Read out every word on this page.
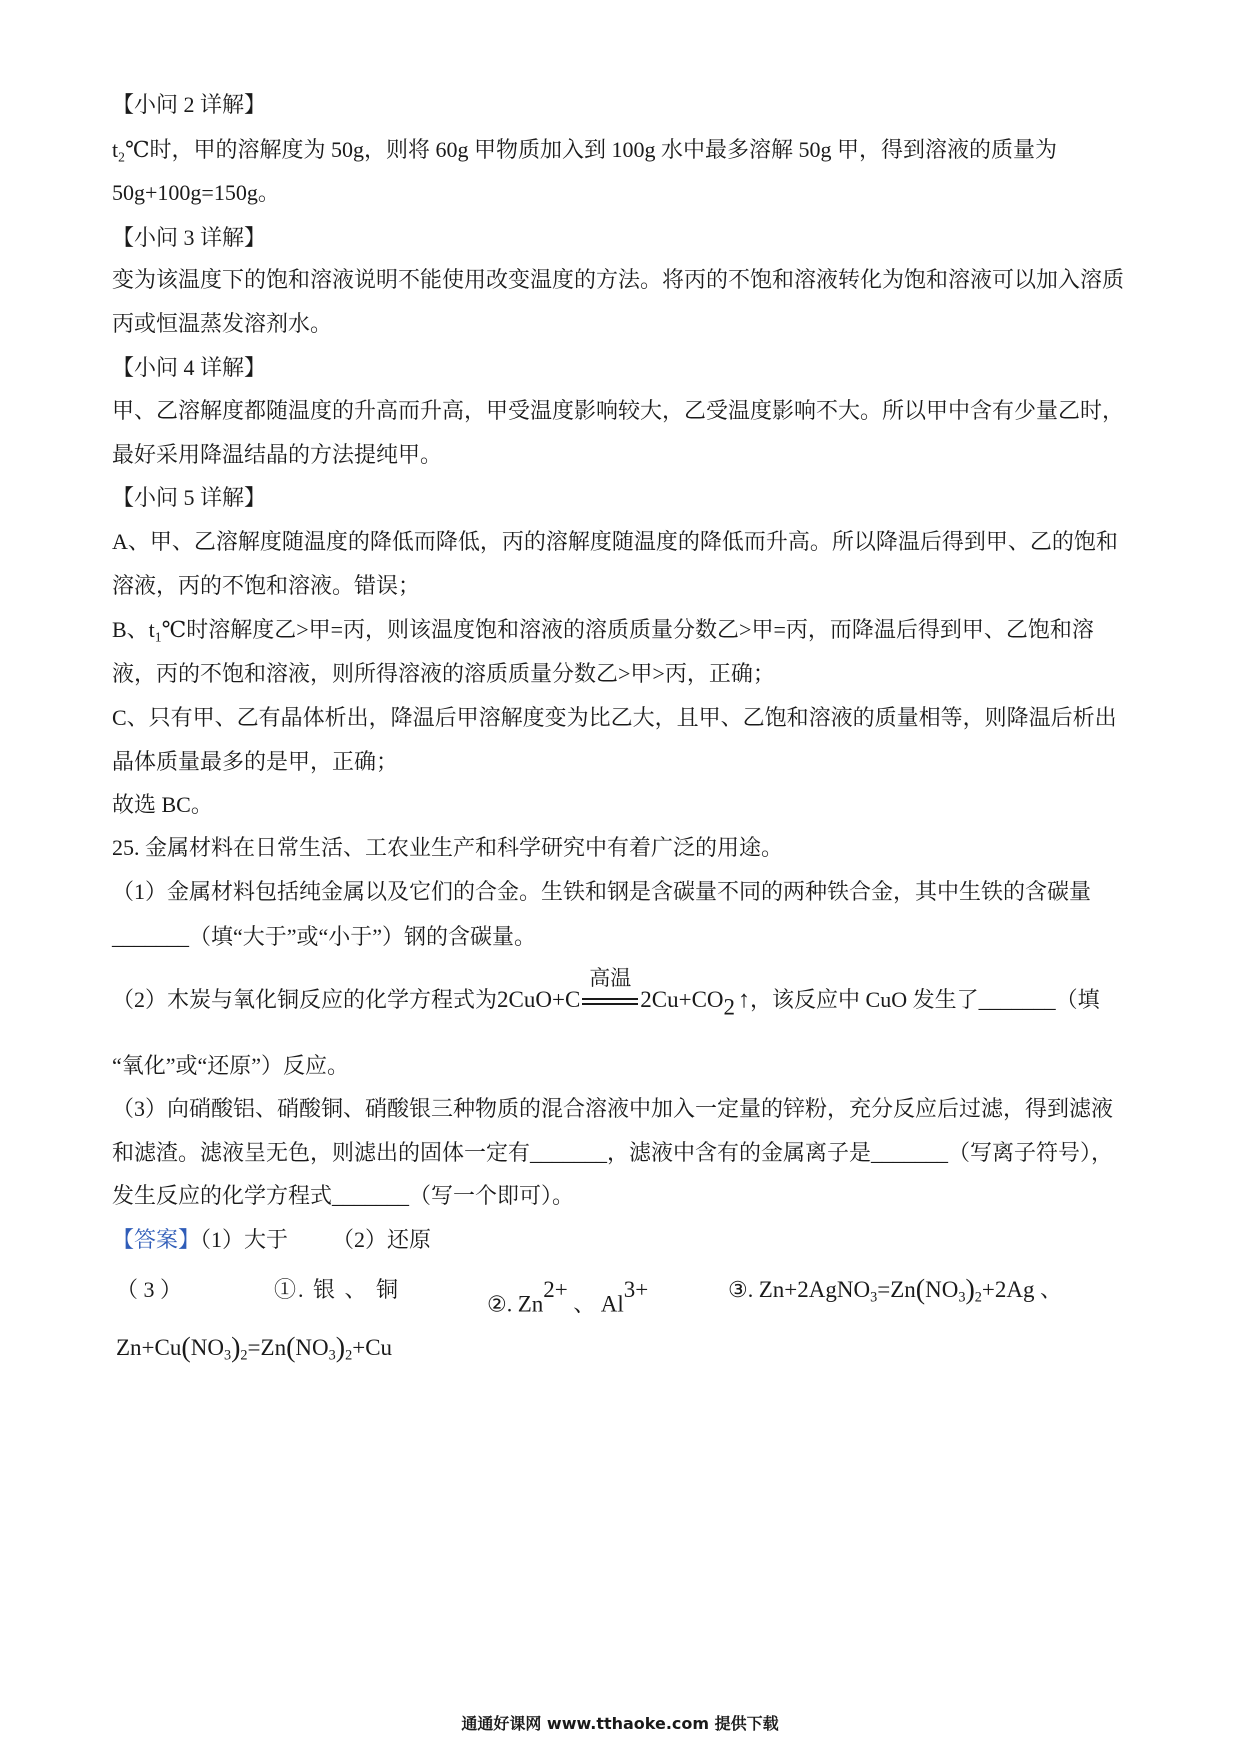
【小问 2 详解】
$t_2℃$时，甲的溶解度为 50g，则将 60g 甲物质加入到 100g 水中最多溶解 50g 甲，得到溶液的质量为
50g+100g=150g。
【小问 3 详解】
变为该温度下的饱和溶液说明不能使用改变温度的方法。将丙的不饱和溶液转化为饱和溶液可以加入溶质
丙或恒温蒸发溶剂水。
【小问 4 详解】
甲、乙溶解度都随温度的升高而升高，甲受温度影响较大，乙受温度影响不大。所以甲中含有少量乙时，
最好采用降温结晶的方法提纯甲。
【小问 5 详解】
A、甲、乙溶解度随温度的降低而降低，丙的溶解度随温度的降低而升高。所以降温后得到甲、乙的饱和
溶液，丙的不饱和溶液。错误；
B、$t_1℃$时溶解度乙>甲=丙，则该温度饱和溶液的溶质质量分数乙>甲=丙，而降温后得到甲、乙饱和溶
液，丙的不饱和溶液，则所得溶液的溶质质量分数乙>甲>丙，正确；
C、只有甲、乙有晶体析出，降温后甲溶解度变为比乙大，且甲、乙饱和溶液的质量相等，则降温后析出
晶体质量最多的是甲，正确；
故选 BC。
25. 金属材料在日常生活、工农业生产和科学研究中有着广泛的用途。
（1）金属材料包括纯金属以及它们的合金。生铁和钢是含碳量不同的两种铁合金，其中生铁的含碳量
_______（填“大于”或“小于”）钢的含碳量。
（2）木炭与氧化铜反应的化学方程式为2CuO+C
高温
2Cu+CO2 ↑，该反应中 CuO 发生了_______（填
“氧化”或“还原”）反应。
（3）向硝酸铝、硝酸铜、硝酸银三种物质的混合溶液中加入一定量的锌粉，充分反应后过滤，得到滤液
和滤渣。滤液呈无色，则滤出的固体一定有_______，滤液中含有的金属离子是_______（写离子符号），
发生反应的化学方程式_______（写一个即可）。
【答案】（1）大于 （2）还原
（ 3 ）	①. 银 、 铜
②. Zn2+ 、 Al3+	③. $Zn+2AgNO_3=Zn(NO_3)_2+2Ag$ 、
$Zn+Cu(NO_3)_2=Zn(NO_3)_2+Cu$
通通好课网 www.tthaoke.com 提供下载
